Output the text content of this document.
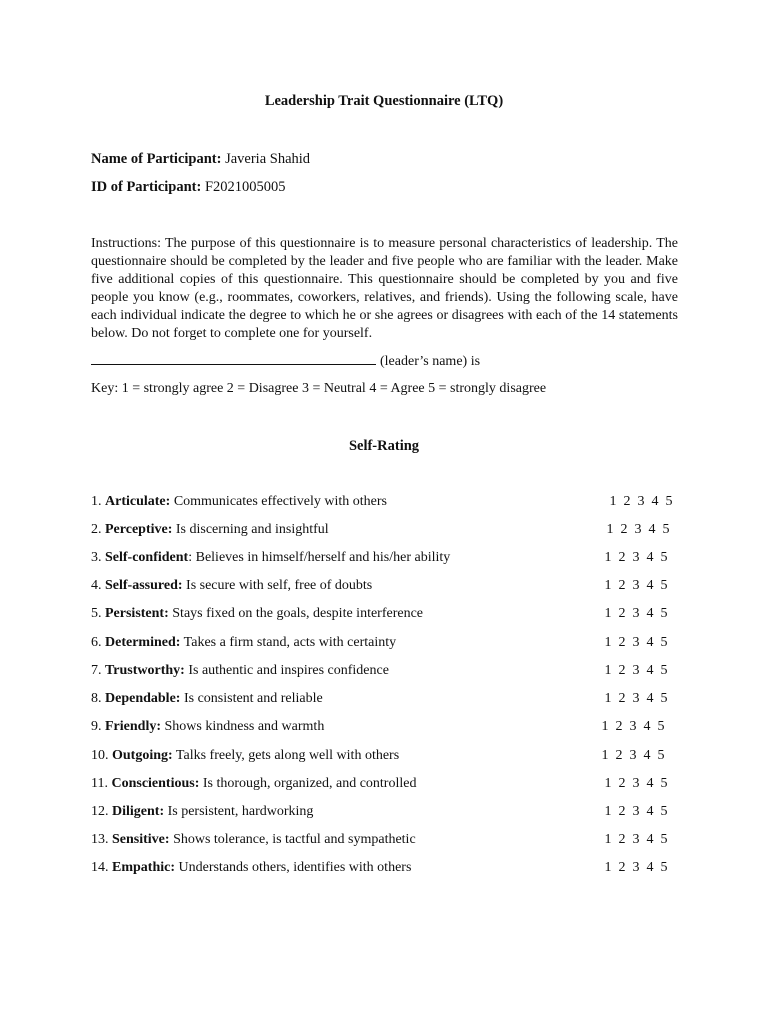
Leadership Trait Questionnaire (LTQ)
Name of Participant: Javeria Shahid
ID of Participant: F2021005005
Instructions: The purpose of this questionnaire is to measure personal characteristics of leadership. The questionnaire should be completed by the leader and five people who are familiar with the leader. Make five additional copies of this questionnaire. This questionnaire should be completed by you and five people you know (e.g., roommates, coworkers, relatives, and friends). Using the following scale, have each individual indicate the degree to which he or she agrees or disagrees with each of the 14 statements below. Do not forget to complete one for yourself.
(leader’s name) is
Key: 1 = strongly agree 2 = Disagree 3 = Neutral 4 = Agree 5 = strongly disagree
Self-Rating
1. Articulate: Communicates effectively with others	1 2 3 4 5
2. Perceptive: Is discerning and insightful	1 2 3 4 5
3. Self-confident: Believes in himself/herself and his/her ability	1 2 3 4 5
4. Self-assured: Is secure with self, free of doubts	1 2 3 4 5
5. Persistent: Stays fixed on the goals, despite interference	1 2 3 4 5
6. Determined: Takes a firm stand, acts with certainty	1 2 3 4 5
7. Trustworthy: Is authentic and inspires confidence	1 2 3 4 5
8. Dependable: Is consistent and reliable	1 2 3 4 5
9. Friendly: Shows kindness and warmth	1 2 3 4 5
10. Outgoing: Talks freely, gets along well with others	1 2 3 4 5
11. Conscientious: Is thorough, organized, and controlled	1 2 3 4 5
12. Diligent: Is persistent, hardworking	1 2 3 4 5
13. Sensitive: Shows tolerance, is tactful and sympathetic	1 2 3 4 5
14. Empathic: Understands others, identifies with others	1 2 3 4 5
